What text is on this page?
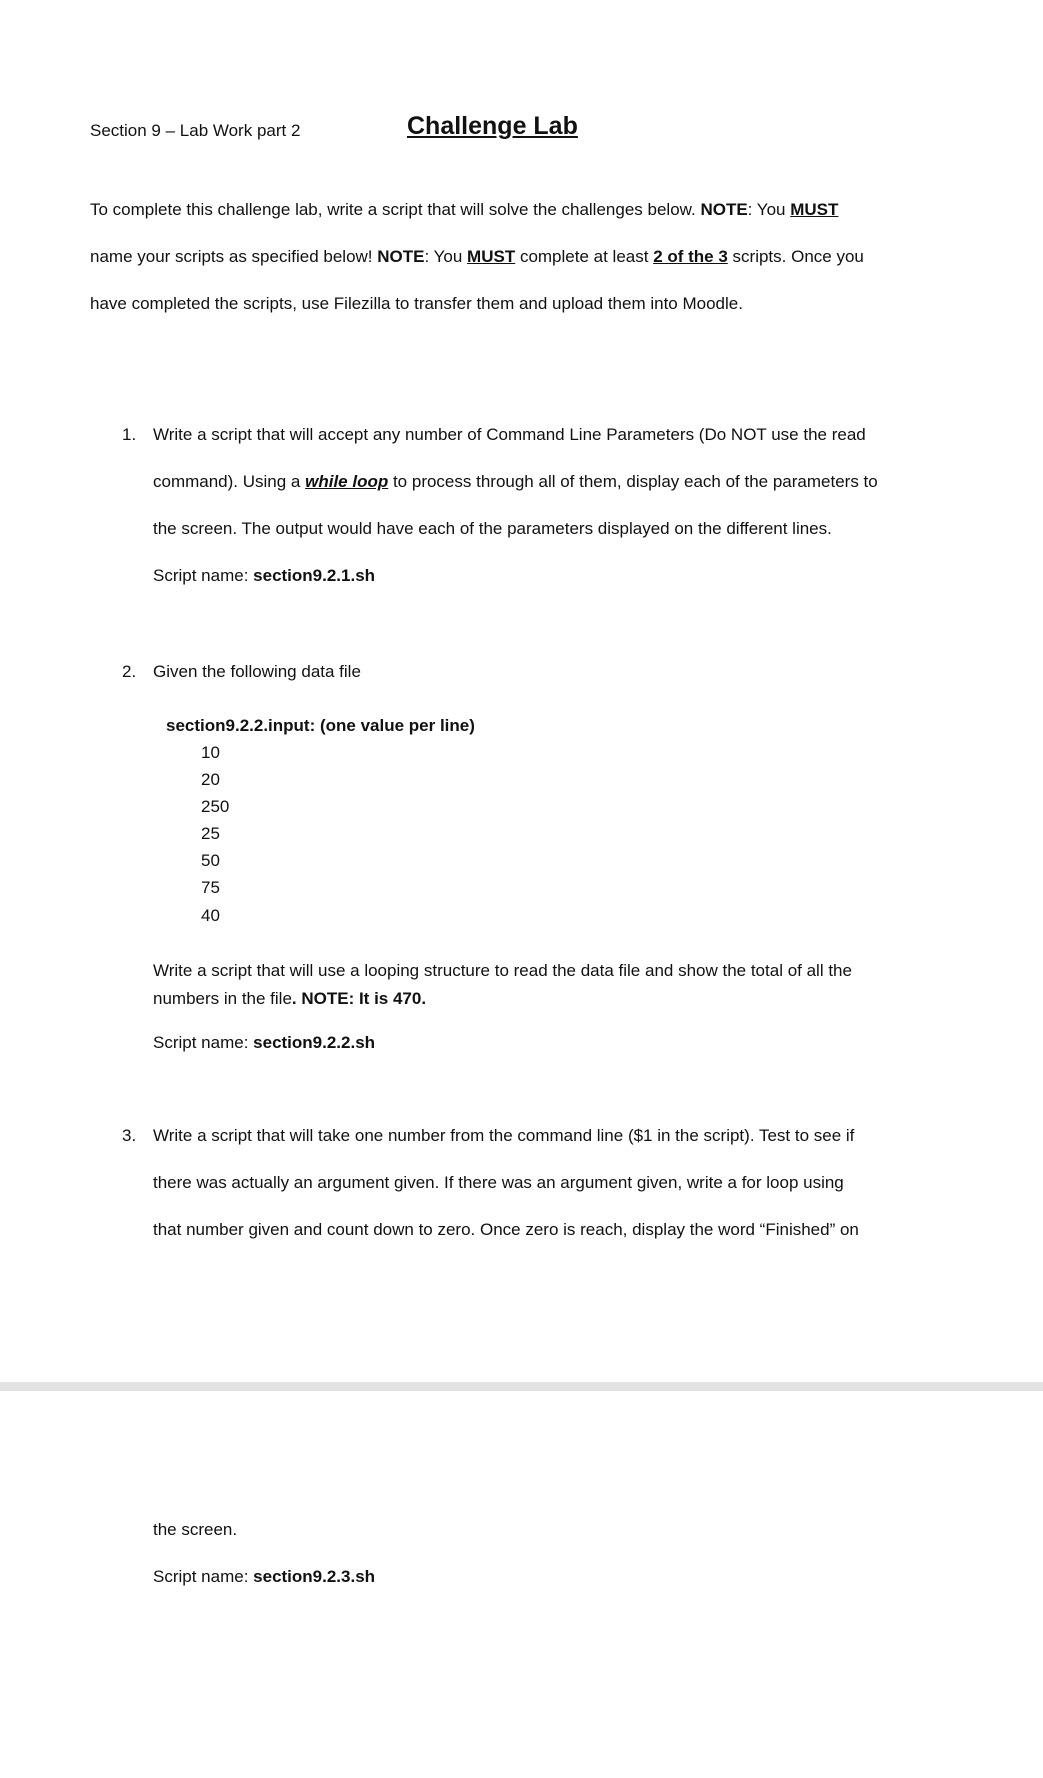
Section 9 – Lab Work part 2	Challenge Lab
To complete this challenge lab, write a script that will solve the challenges below. NOTE: You MUST
name your scripts as specified below! NOTE: You MUST complete at least 2 of the 3 scripts. Once you
have completed the scripts, use Filezilla to transfer them and upload them into Moodle.
1. Write a script that will accept any number of Command Line Parameters (Do NOT use the read
command). Using a while loop to process through all of them, display each of the parameters to
the screen. The output would have each of the parameters displayed on the different lines.
Script name: section9.2.1.sh
2. Given the following data file
section9.2.2.input: (one value per line)
10
20
250
25
50
75
40
Write a script that will use a looping structure to read the data file and show the total of all the
numbers in the file. NOTE: It is 470.
Script name: section9.2.2.sh
3. Write a script that will take one number from the command line ($1 in the script). Test to see if
there was actually an argument given. If there was an argument given, write a for loop using
that number given and count down to zero. Once zero is reach, display the word “Finished” on
the screen.
Script name: section9.2.3.sh
